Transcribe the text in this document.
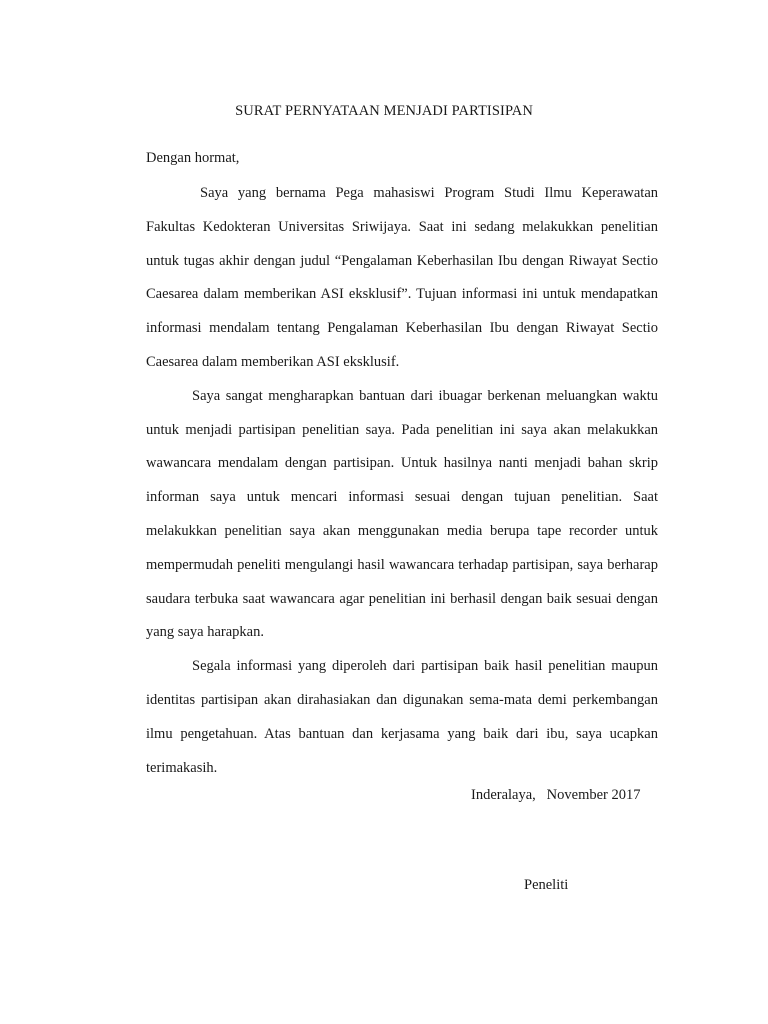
SURAT PERNYATAAN MENJADI PARTISIPAN
Dengan hormat,

Saya yang bernama Pega mahasiswi Program Studi Ilmu Keperawatan Fakultas Kedokteran Universitas Sriwijaya. Saat ini sedang melakukkan penelitian untuk tugas akhir dengan judul “Pengalaman Keberhasilan Ibu dengan Riwayat Sectio Caesarea dalam memberikan ASI eksklusif”. Tujuan informasi ini untuk mendapatkan informasi mendalam tentang Pengalaman Keberhasilan Ibu dengan Riwayat Sectio Caesarea dalam memberikan ASI eksklusif.

Saya sangat mengharapkan bantuan dari ibuagar berkenan meluangkan waktu untuk menjadi partisipan penelitian saya. Pada penelitian ini saya akan melakukkan wawancara mendalam dengan partisipan. Untuk hasilnya nanti menjadi bahan skrip informan saya untuk mencari informasi sesuai dengan tujuan penelitian. Saat melakukkan penelitian saya akan menggunakan media berupa tape recorder untuk mempermudah peneliti mengulangi hasil wawancara terhadap partisipan, saya berharap saudara terbuka saat wawancara agar penelitian ini berhasil dengan baik sesuai dengan yang saya harapkan.

Segala informasi yang diperoleh dari partisipan baik hasil penelitian maupun identitas partisipan akan dirahasiakan dan digunakan sema-mata demi perkembangan ilmu pengetahuan. Atas bantuan dan kerjasama yang baik dari ibu, saya ucapkan terimakasih.

Inderalaya,   November 2017
Peneliti
